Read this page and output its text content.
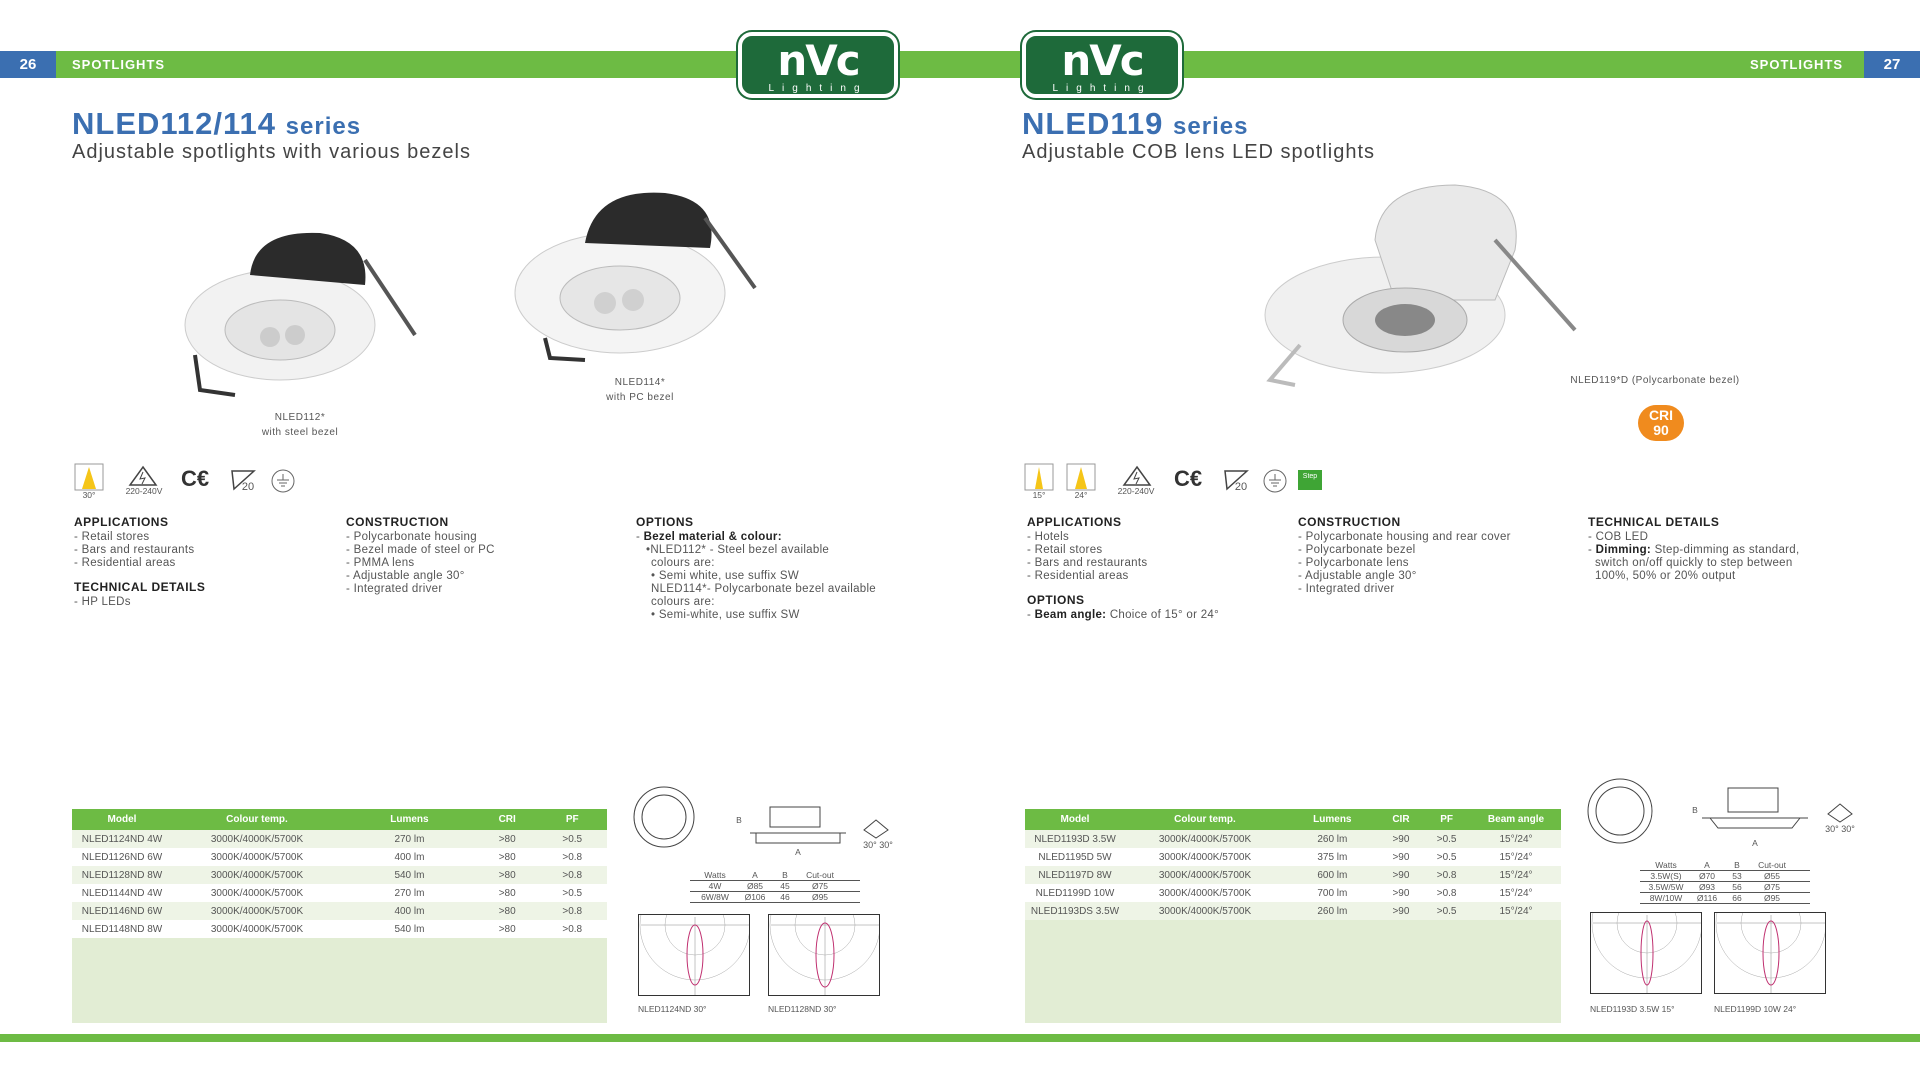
26	SPOTLIGHTS	SPOTLIGHTS	27
nVc
Lighting
nVc
Lighting
NLED112/114 series
Adjustable spotlights with various bezels
NLED112*
with steel bezel
NLED114*
with PC bezel
30°	220-240V C€	20
APPLICATIONS
- Retail stores
- Bars and restaurants
- Residential areas
TECHNICAL DETAILS
- HP LEDs
CONSTRUCTION
- Polycarbonate housing
- Bezel made of steel or PC
- PMMA lens
- Adjustable angle 30°
- Integrated driver
OPTIONS
- Bezel material & colour:
•NLED112* - Steel bezel available
colours are:
• Semi white, use suffix SW
NLED114*- Polycarbonate bezel available
colours are:
• Semi-white, use suffix SW
Model	Colour temp.	Lumens	CRI	PF
NLED1124ND 4W	3000K/4000K/5700K	270 lm	>80	>0.5
NLED1126ND 6W	3000K/4000K/5700K	400 lm	>80	>0.8
NLED1128ND 8W	3000K/4000K/5700K	540 lm	>80	>0.8
NLED1144ND 4W	3000K/4000K/5700K	270 lm	>80	>0.5
NLED1146ND 6W	3000K/4000K/5700K	400 lm	>80	>0.8
NLED1148ND 8W	3000K/4000K/5700K	540 lm	>80	>0.8
B
A
30° 30°
Watts	A	B	Cut-out
4W	Ø85	45	Ø75
6W/8W	Ø106	46	Ø95
NLED1124ND 30°	NLED1128ND 30°
NLED119 series
Adjustable COB lens LED spotlights
NLED119*D (Polycarbonate bezel)
CRI
90
15°	24°	220-240V C€	20
Step
APPLICATIONS
- Hotels
- Retail stores
- Bars and restaurants
- Residential areas
OPTIONS
- Beam angle: Choice of 15° or 24°
CONSTRUCTION
- Polycarbonate housing and rear cover
- Polycarbonate bezel
- Polycarbonate lens
- Adjustable angle 30°
- Integrated driver
TECHNICAL DETAILS
- COB LED
- Dimming: Step-dimming as standard,
switch on/off quickly to step between
100%, 50% or 20% output
Model	Colour temp.	Lumens	CIR	PF	Beam angle
NLED1193D 3.5W	3000K/4000K/5700K	260 lm	>90	>0.5	15°/24°
NLED1195D 5W	3000K/4000K/5700K	375 lm	>90	>0.5	15°/24°
NLED1197D 8W	3000K/4000K/5700K	600 lm	>90	>0.8	15°/24°
NLED1199D 10W	3000K/4000K/5700K	700 lm	>90	>0.8	15°/24°
NLED1193DS 3.5W	3000K/4000K/5700K	260 lm	>90	>0.5	15°/24°
B
A
30° 30°
Watts	A	B	Cut-out
3.5W(S)	Ø70	53	Ø55
3.5W/5W	Ø93	56	Ø75
8W/10W	Ø116	66	Ø95
NLED1193D 3.5W 15°	NLED1199D 10W 24°
